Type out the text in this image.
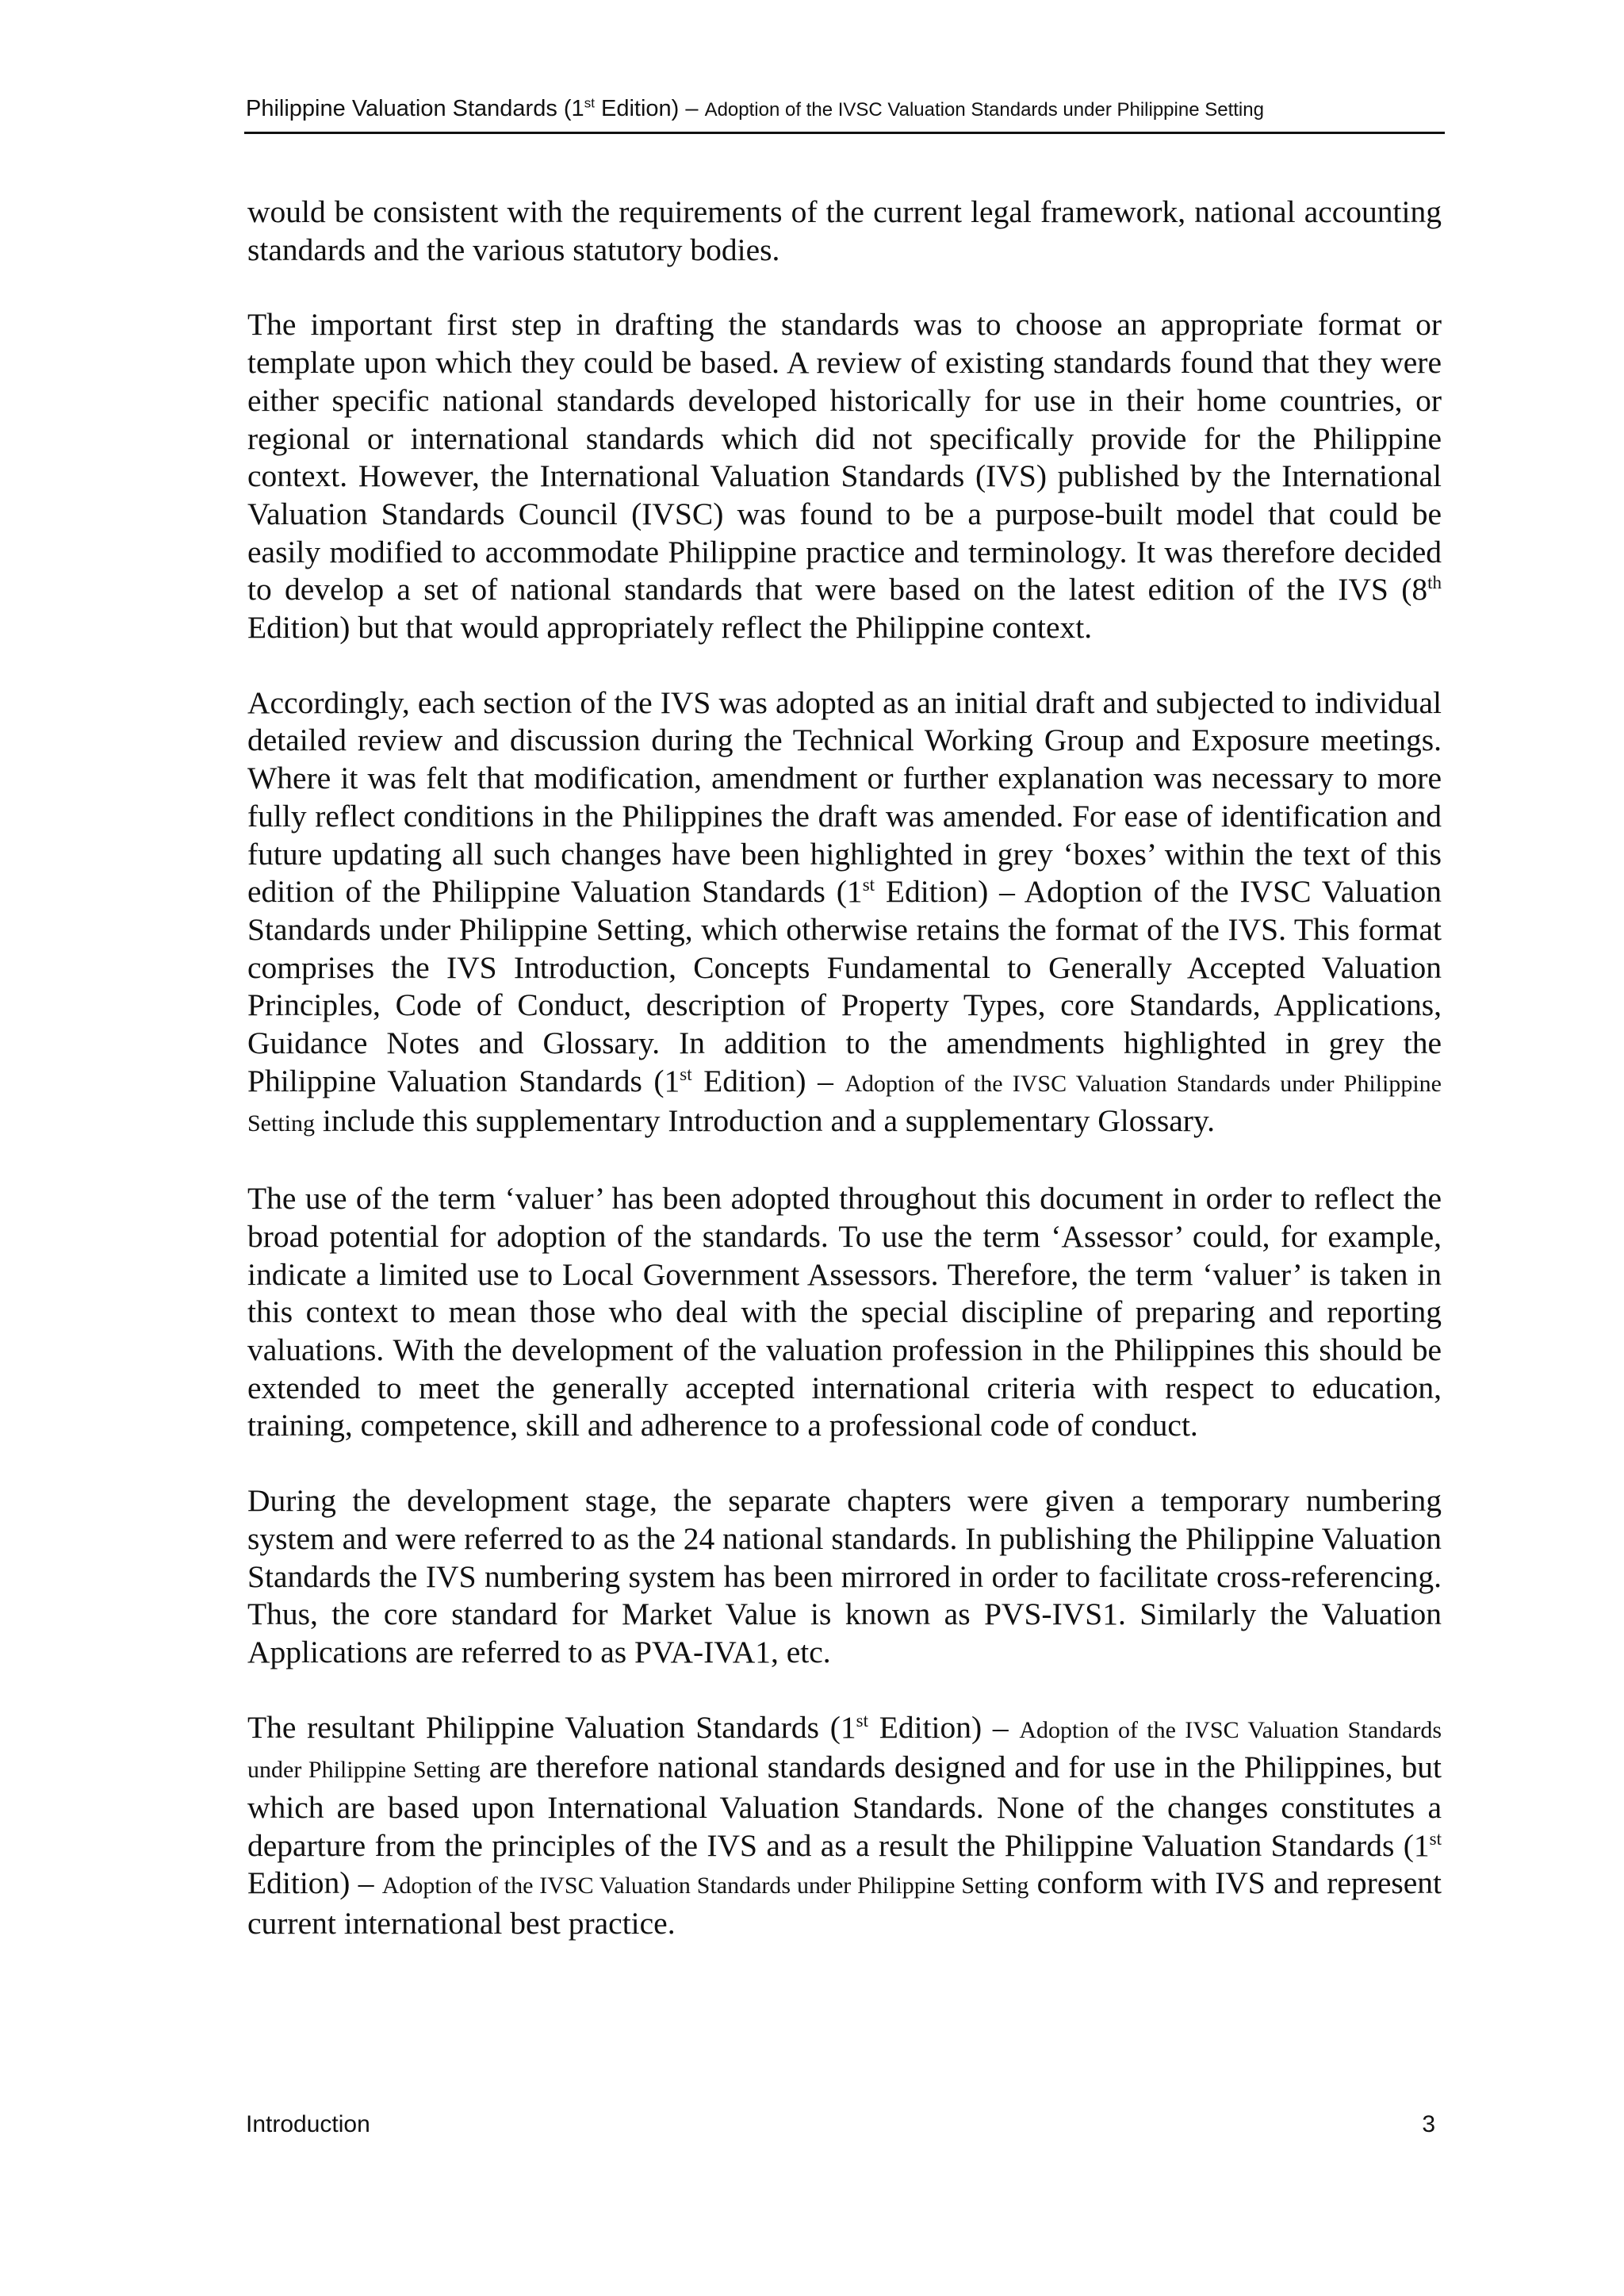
Philippine Valuation Standards (1st Edition) – Adoption of the IVSC Valuation Standards under Philippine Setting

would be consistent with the requirements of the current legal framework, national accounting standards and the various statutory bodies.

The important first step in drafting the standards was to choose an appropriate format or template upon which they could be based. A review of existing standards found that they were either specific national standards developed historically for use in their home countries, or regional or international standards which did not specifically provide for the Philippine context. However, the International Valuation Standards (IVS) published by the International Valuation Standards Council (IVSC) was found to be a purpose-built model that could be easily modified to accommodate Philippine practice and terminology. It was therefore decided to develop a set of national standards that were based on the latest edition of the IVS (8th Edition) but that would appropriately reflect the Philippine context.

Accordingly, each section of the IVS was adopted as an initial draft and subjected to individual detailed review and discussion during the Technical Working Group and Exposure meetings. Where it was felt that modification, amendment or further explanation was necessary to more fully reflect conditions in the Philippines the draft was amended. For ease of identification and future updating all such changes have been highlighted in grey ‘boxes’ within the text of this edition of the Philippine Valuation Standards (1st Edition) – Adoption of the IVSC Valuation Standards under Philippine Setting, which otherwise retains the format of the IVS. This format comprises the IVS Introduction, Concepts Fundamental to Generally Accepted Valuation Principles, Code of Conduct, description of Property Types, core Standards, Applications, Guidance Notes and Glossary. In addition to the amendments highlighted in grey the Philippine Valuation Standards (1st Edition) – Adoption of the IVSC Valuation Standards under Philippine Setting include this supplementary Introduction and a supplementary Glossary.

The use of the term ‘valuer’ has been adopted throughout this document in order to reflect the broad potential for adoption of the standards. To use the term ‘Assessor’ could, for example, indicate a limited use to Local Government Assessors. Therefore, the term ‘valuer’ is taken in this context to mean those who deal with the special discipline of preparing and reporting valuations. With the development of the valuation profession in the Philippines this should be extended to meet the generally accepted international criteria with respect to education, training, competence, skill and adherence to a professional code of conduct.

During the development stage, the separate chapters were given a temporary numbering system and were referred to as the 24 national standards. In publishing the Philippine Valuation Standards the IVS numbering system has been mirrored in order to facilitate cross-referencing. Thus, the core standard for Market Value is known as PVS-IVS1. Similarly the Valuation Applications are referred to as PVA-IVA1, etc.

The resultant Philippine Valuation Standards (1st Edition) – Adoption of the IVSC Valuation Standards under Philippine Setting are therefore national standards designed and for use in the Philippines, but which are based upon International Valuation Standards. None of the changes constitutes a departure from the principles of the IVS and as a result the Philippine Valuation Standards (1st Edition) – Adoption of the IVSC Valuation Standards under Philippine Setting conform with IVS and represent current international best practice.

Introduction	3
